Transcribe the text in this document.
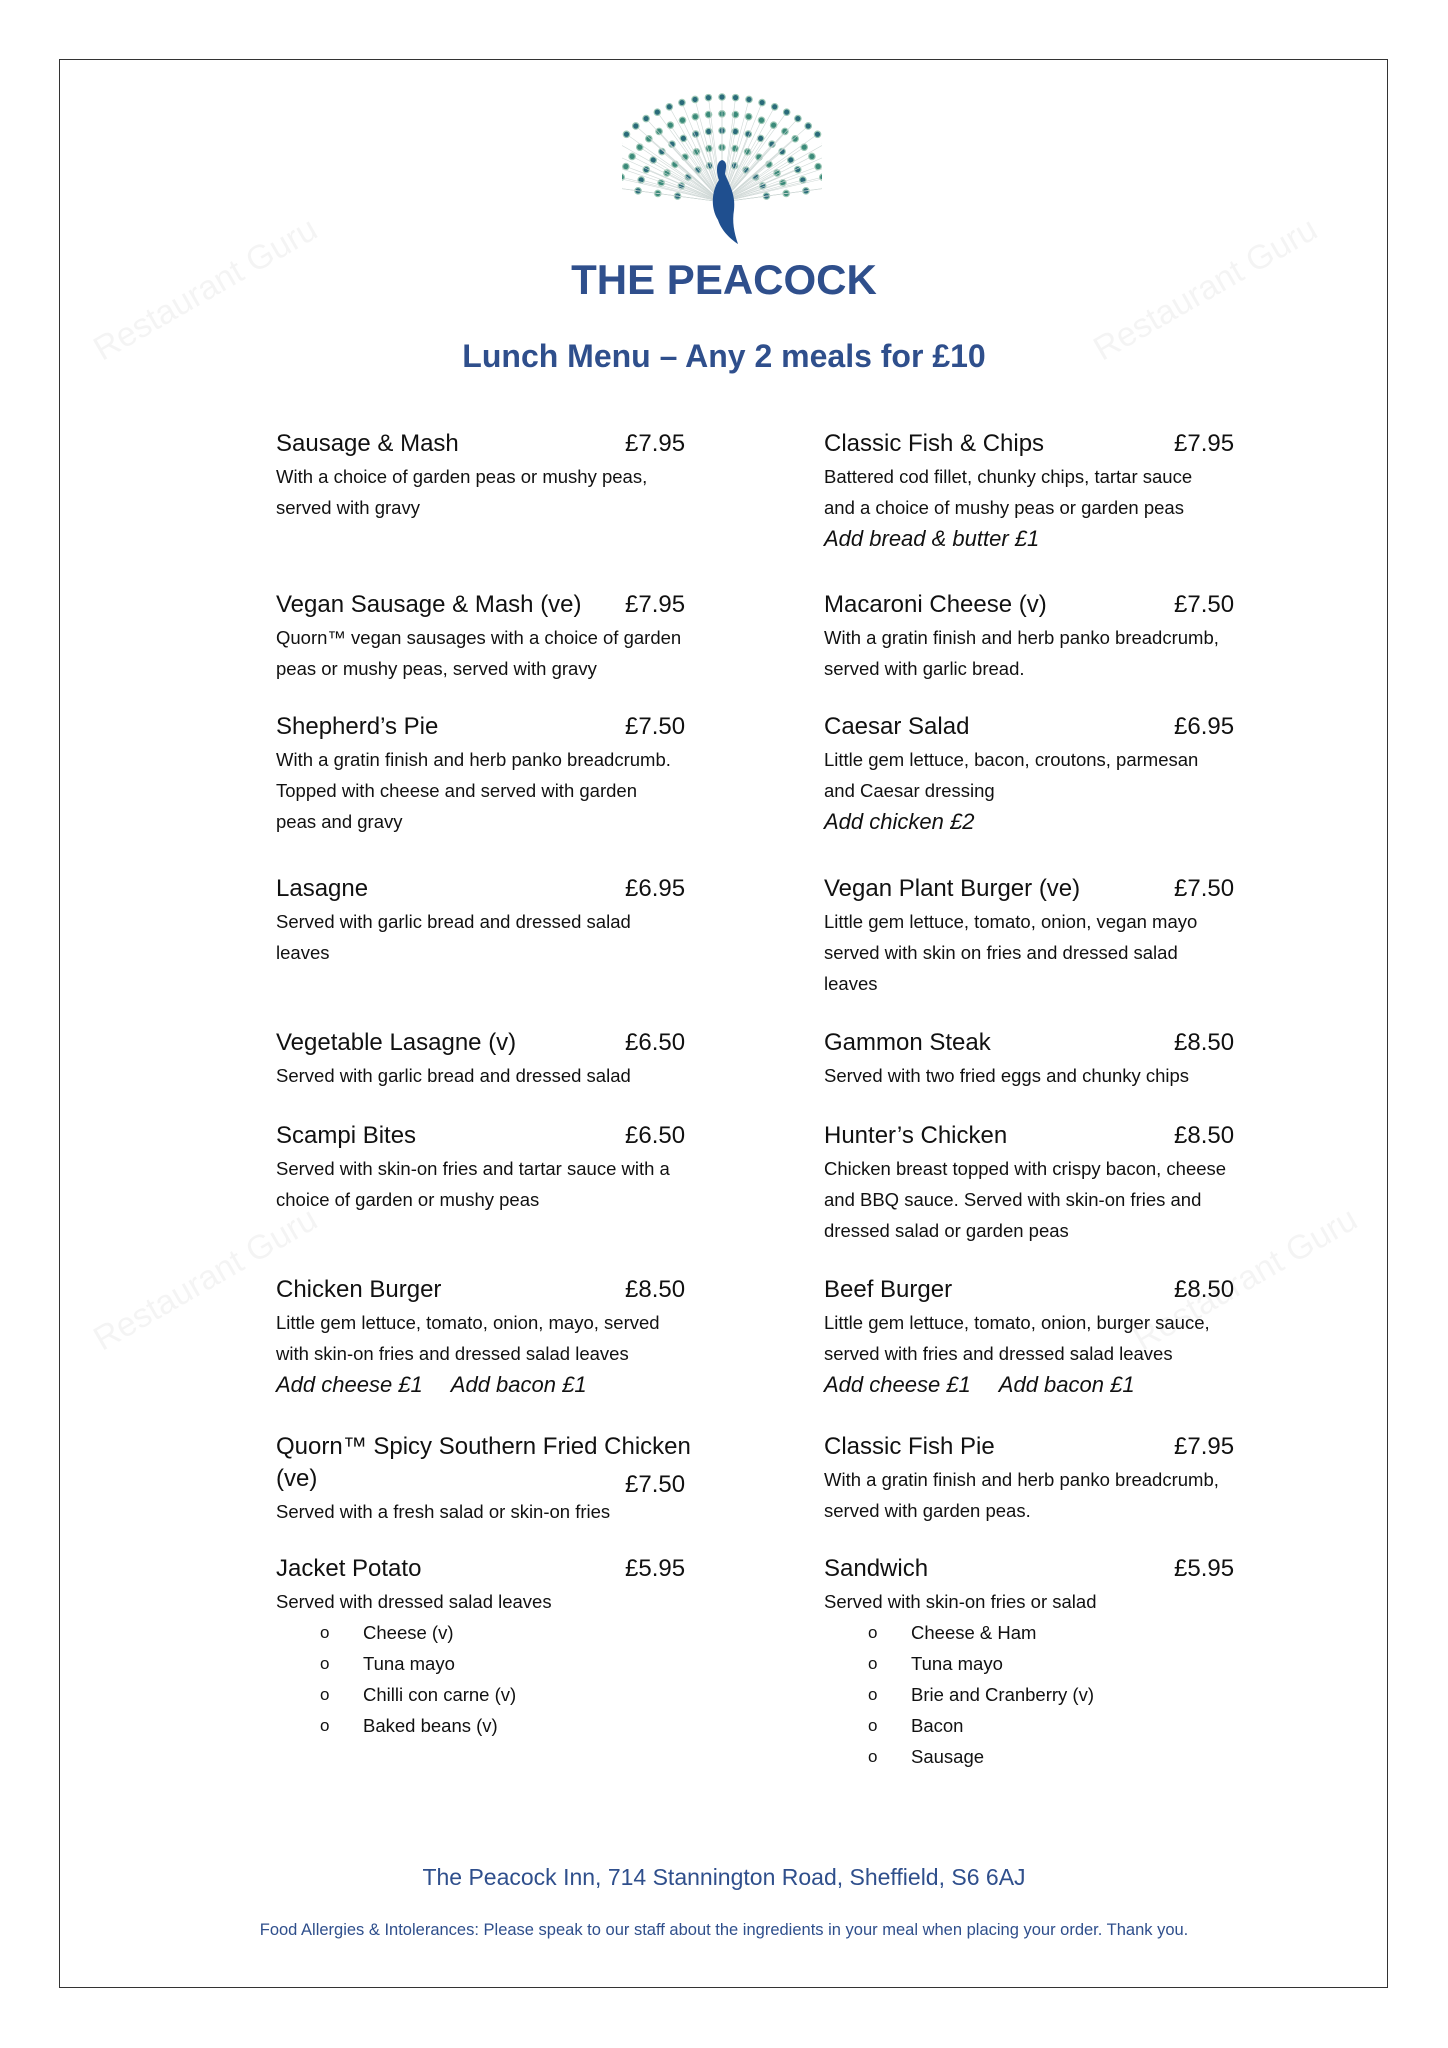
THE PEACOCK
Lunch Menu – Any 2 meals for £10
Sausage & Mash	£7.95
With a choice of garden peas or mushy peas,
served with gravy
Vegan Sausage & Mash (ve)	£7.95
Quorn™ vegan sausages with a choice of garden
peas or mushy peas, served with gravy
Shepherd’s Pie	£7.50
With a gratin finish and herb panko breadcrumb.
Topped with cheese and served with garden
peas and gravy
Lasagne	£6.95
Served with garlic bread and dressed salad
leaves
Vegetable Lasagne (v)	£6.50
Served with garlic bread and dressed salad
Scampi Bites	£6.50
Served with skin-on fries and tartar sauce with a
choice of garden or mushy peas
Chicken Burger	£8.50
Little gem lettuce, tomato, onion, mayo, served
with skin-on fries and dressed salad leaves
Add cheese £1 Add bacon £1
Quorn™ Spicy Southern Fried Chicken
(ve)	£7.50
Served with a fresh salad or skin-on fries
Jacket Potato	£5.95
Served with dressed salad leaves
o Cheese (v)
o Tuna mayo
o Chilli con carne (v)
o Baked beans (v)
Classic Fish & Chips	£7.95
Battered cod fillet, chunky chips, tartar sauce
and a choice of mushy peas or garden peas
Add bread & butter £1
Macaroni Cheese (v)	£7.50
With a gratin finish and herb panko breadcrumb,
served with garlic bread.
Caesar Salad	£6.95
Little gem lettuce, bacon, croutons, parmesan
and Caesar dressing
Add chicken £2
Vegan Plant Burger (ve)	£7.50
Little gem lettuce, tomato, onion, vegan mayo
served with skin on fries and dressed salad
leaves
Gammon Steak	£8.50
Served with two fried eggs and chunky chips
Hunter’s Chicken	£8.50
Chicken breast topped with crispy bacon, cheese
and BBQ sauce. Served with skin-on fries and
dressed salad or garden peas
Beef Burger	£8.50
Little gem lettuce, tomato, onion, burger sauce,
served with fries and dressed salad leaves
Add cheese £1 Add bacon £1
Classic Fish Pie	£7.95
With a gratin finish and herb panko breadcrumb,
served with garden peas.
Sandwich	£5.95
Served with skin-on fries or salad
o Cheese & Ham
o Tuna mayo
o Brie and Cranberry (v)
o Bacon
o Sausage
The Peacock Inn, 714 Stannington Road, Sheffield, S6 6AJ
Food Allergies & Intolerances: Please speak to our staff about the ingredients in your meal when placing your order. Thank you.
